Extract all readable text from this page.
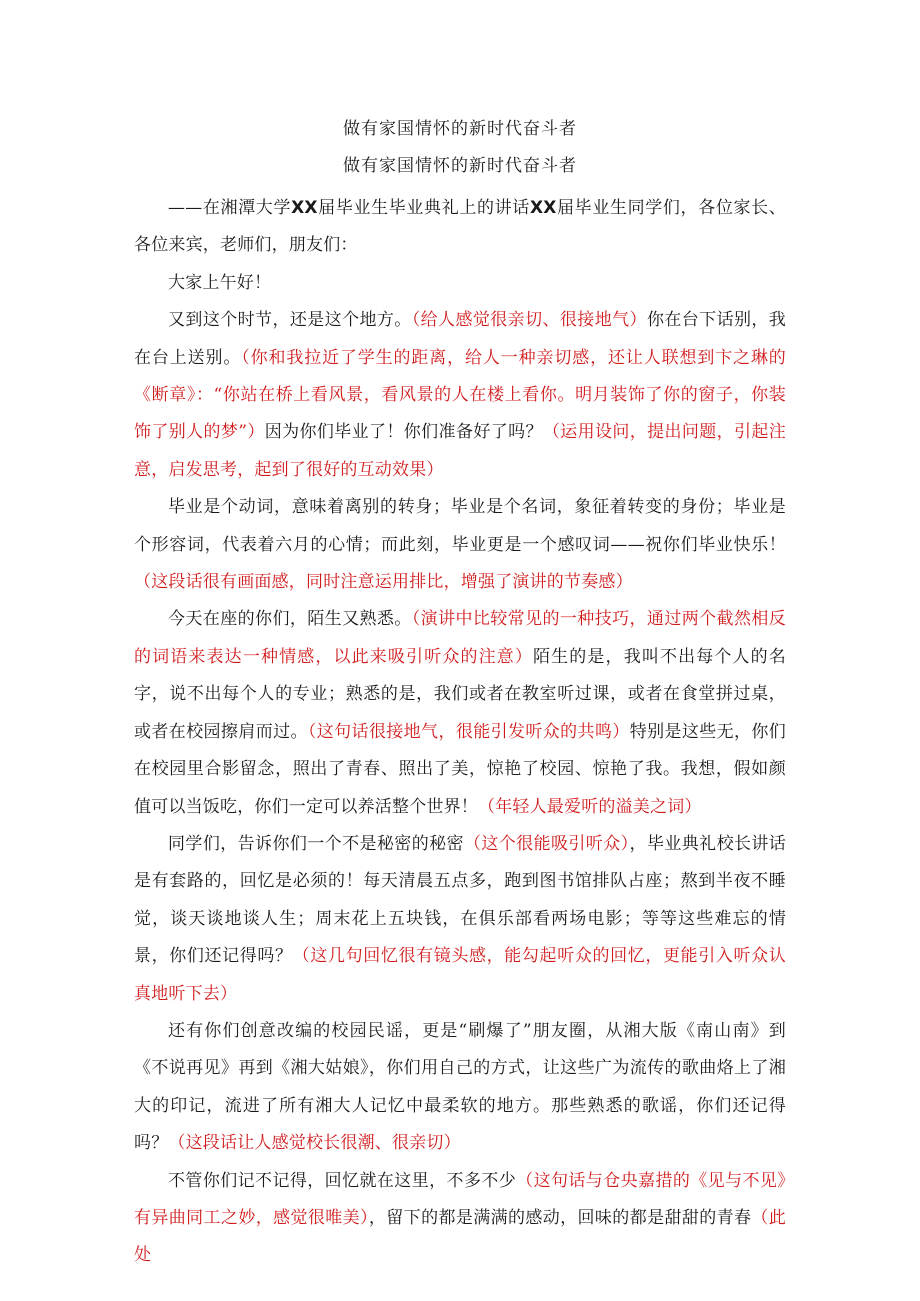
做有家国情怀的新时代奋斗者
做有家国情怀的新时代奋斗者

——在湘潭大学XX届毕业生毕业典礼上的讲话XX届毕业生同学们，各位家长、各位来宾，老师们，朋友们：

大家上午好！

又到这个时节，还是这个地方。（给人感觉很亲切、很接地气）你在台下话别，我在台上送别。（你和我拉近了学生的距离，给人一种亲切感，还让人联想到卞之琳的《断章》：“你站在桥上看风景，看风景的人在楼上看你。明月装饰了你的窗子，你装饰了别人的梦”）因为你们毕业了！你们准备好了吗？（运用设问，提出问题，引起注意，启发思考，起到了很好的互动效果）

毕业是个动词，意味着离别的转身；毕业是个名词，象征着转变的身份；毕业是个形容词，代表着六月的心情；而此刻，毕业更是一个感叹词——祝你们毕业快乐！（这段话很有画面感，同时注意运用排比，增强了演讲的节奏感）

今天在座的你们，陌生又熟悉。（演讲中比较常见的一种技巧，通过两个截然相反的词语来表达一种情感，以此来吸引听众的注意）陌生的是，我叫不出每个人的名字，说不出每个人的专业；熟悉的是，我们或者在教室听过课，或者在食堂拼过桌，或者在校园擦肩而过。（这句话很接地气，很能引发听众的共鸣）特别是这些无，你们在校园里合影留念，照出了青春、照出了美，惊艳了校园、惊艳了我。我想，假如颜值可以当饭吃，你们一定可以养活整个世界！（年轻人最爱听的溢美之词）

同学们，告诉你们一个不是秘密的秘密（这个很能吸引听众），毕业典礼校长讲话是有套路的，回忆是必须的！每天清晨五点多，跑到图书馆排队占座；熬到半夜不睡觉，谈天谈地谈人生；周末花上五块钱，在俱乐部看两场电影；等等这些难忘的情景，你们还记得吗？（这几句回忆很有镜头感，能勾起听众的回忆，更能引入听众认真地听下去）

还有你们创意改编的校园民谣，更是“刷爆了”朋友圈，从湘大版《南山南》到《不说再见》再到《湘大姑娘》，你们用自己的方式，让这些广为流传的歌曲烙上了湘大的印记，流进了所有湘大人记忆中最柔软的地方。那些熟悉的歌谣，你们还记得吗？（这段话让人感觉校长很潮、很亲切）

不管你们记不记得，回忆就在这里，不多不少（这句话与仓央嘉措的《见与不见》有异曲同工之妙，感觉很唯美），留下的都是满满的感动，回味的都是甜甜的青春（此处
